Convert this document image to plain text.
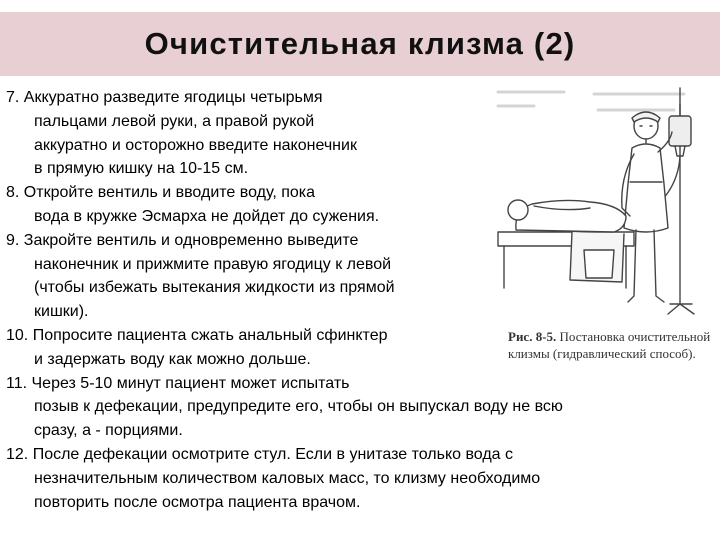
Очистительная клизма (2)
7. Аккуратно разведите ягодицы четырьмя
пальцами левой руки, а правой рукой
аккуратно и осторожно введите наконечник
в прямую кишку на 10-15 см.
8. Откройте вентиль и вводите воду, пока
вода в кружке Эсмарха не дойдет до сужения.
9. Закройте вентиль и одновременно выведите
наконечник и прижмите правую ягодицу к левой
(чтобы избежать вытекания жидкости из прямой
кишки).
10. Попросите пациента сжать анальный сфинктер
и задержать воду как можно дольше.
11. Через 5-10 минут пациент может испытать
позыв к дефекации, предупредите его, чтобы он выпускал воду не всю
сразу, а - порциями.
12. После дефекации осмотрите стул. Если в унитазе только вода с
незначительным количеством каловых масс, то клизму необходимо
повторить после осмотра пациента врачом.
Рис. 8-5. Постановка очистительной клизмы (гидравлический способ).
